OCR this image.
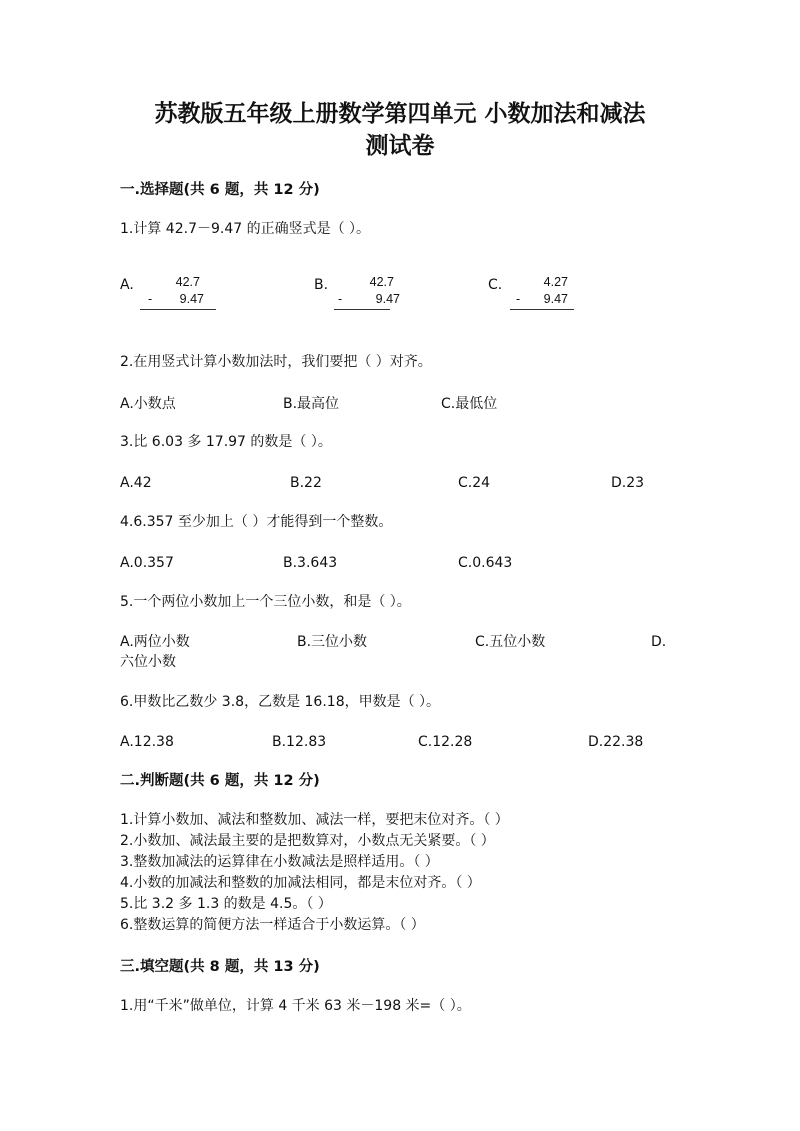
苏教版五年级上册数学第四单元 小数加法和减法
测试卷
一.选择题(共 6 题，共 12 分)
1.计算 42.7－9.47 的正确竖式是（ ）。
A.	42.7
-	9.47
B.	42.7
-	9.47
C.	4.27
-	9.47
2.在用竖式计算小数加法时，我们要把（ ）对齐。
A.小数点	B.最高位	C.最低位
3.比 6.03 多 17.97 的数是（ ）。
A.42	B.22	C.24	D.23
4.6.357 至少加上（ ）才能得到一个整数。
A.0.357	B.3.643	C.0.643
5.一个两位小数加上一个三位小数，和是（ ）。
A.两位小数	B.三位小数	C.五位小数	D.
六位小数
6.甲数比乙数少 3.8，乙数是 16.18，甲数是（ ）。
A.12.38	B.12.83	C.12.28	D.22.38
二.判断题(共 6 题，共 12 分)
1.计算小数加、减法和整数加、减法一样，要把末位对齐。（ ）
2.小数加、减法最主要的是把数算对，小数点无关紧要。（ ）
3.整数加减法的运算律在小数减法是照样适用。（ ）
4.小数的加减法和整数的加减法相同，都是末位对齐。（ ）
5.比 3.2 多 1.3 的数是 4.5。（ ）
6.整数运算的简便方法一样适合于小数运算。（ ）
三.填空题(共 8 题，共 13 分)
1.用“千米”做单位，计算 4 千米 63 米－198 米=（ ）。
